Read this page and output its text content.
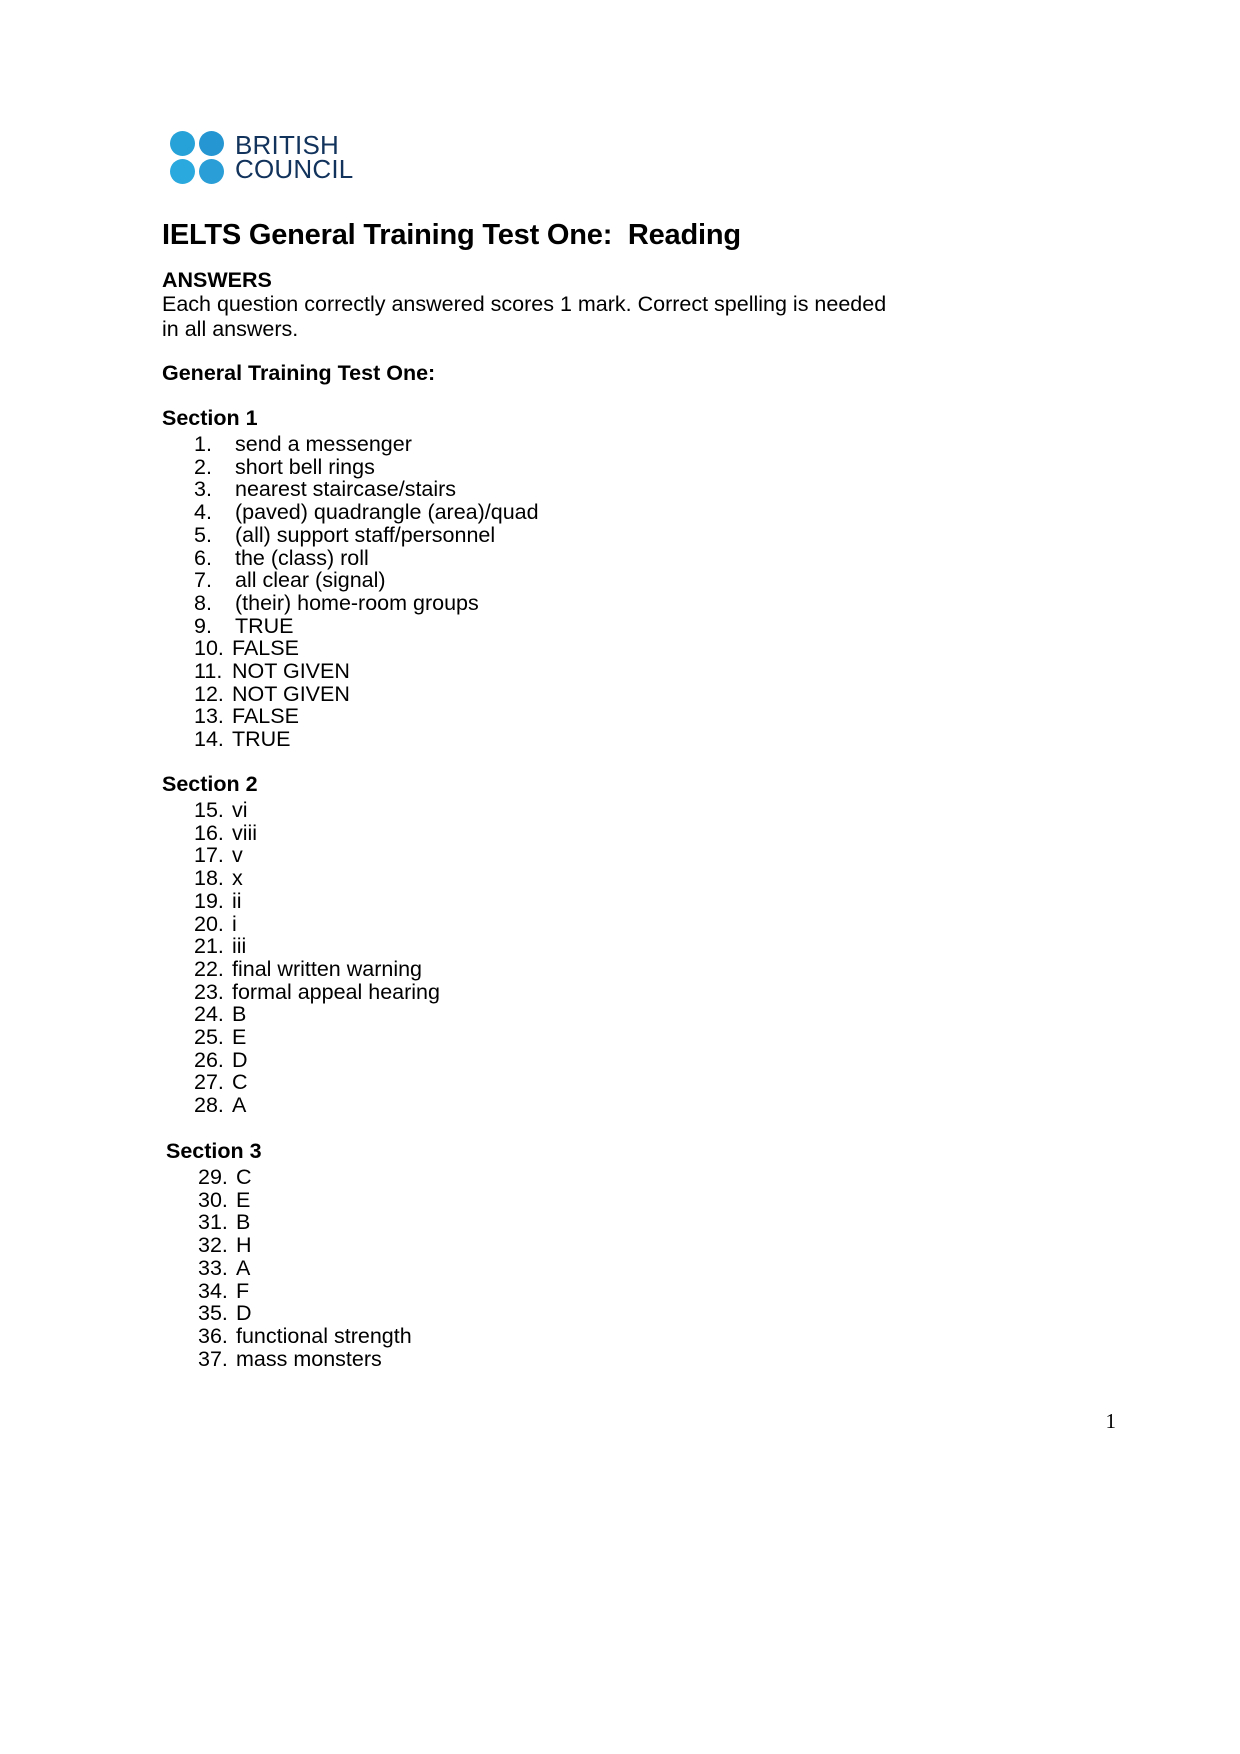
BRITISH
COUNCIL
IELTS General Training Test One:  Reading

ANSWERS

Each question correctly answered scores 1 mark. Correct spelling is needed in all answers.

General Training Test One:

Section 1

1.	send a messenger
2.	short bell rings
3.	nearest staircase/stairs
4.	(paved) quadrangle (area)/quad
5.	(all) support staff/personnel
6.	the (class) roll
7.	all clear (signal)
8.	(their) home-room groups
9.	TRUE
10. FALSE
11. NOT GIVEN
12. NOT GIVEN
13. FALSE
14. TRUE

Section 2

15. vi
16. viii
17. v
18. x
19. ii
20. i
21. iii
22. final written warning
23. formal appeal hearing
24. B
25. E
26. D
27. C
28. A

Section 3

29. C
30. E
31. B
32. H
33. A
34. F
35. D
36. functional strength
37. mass monsters
1
